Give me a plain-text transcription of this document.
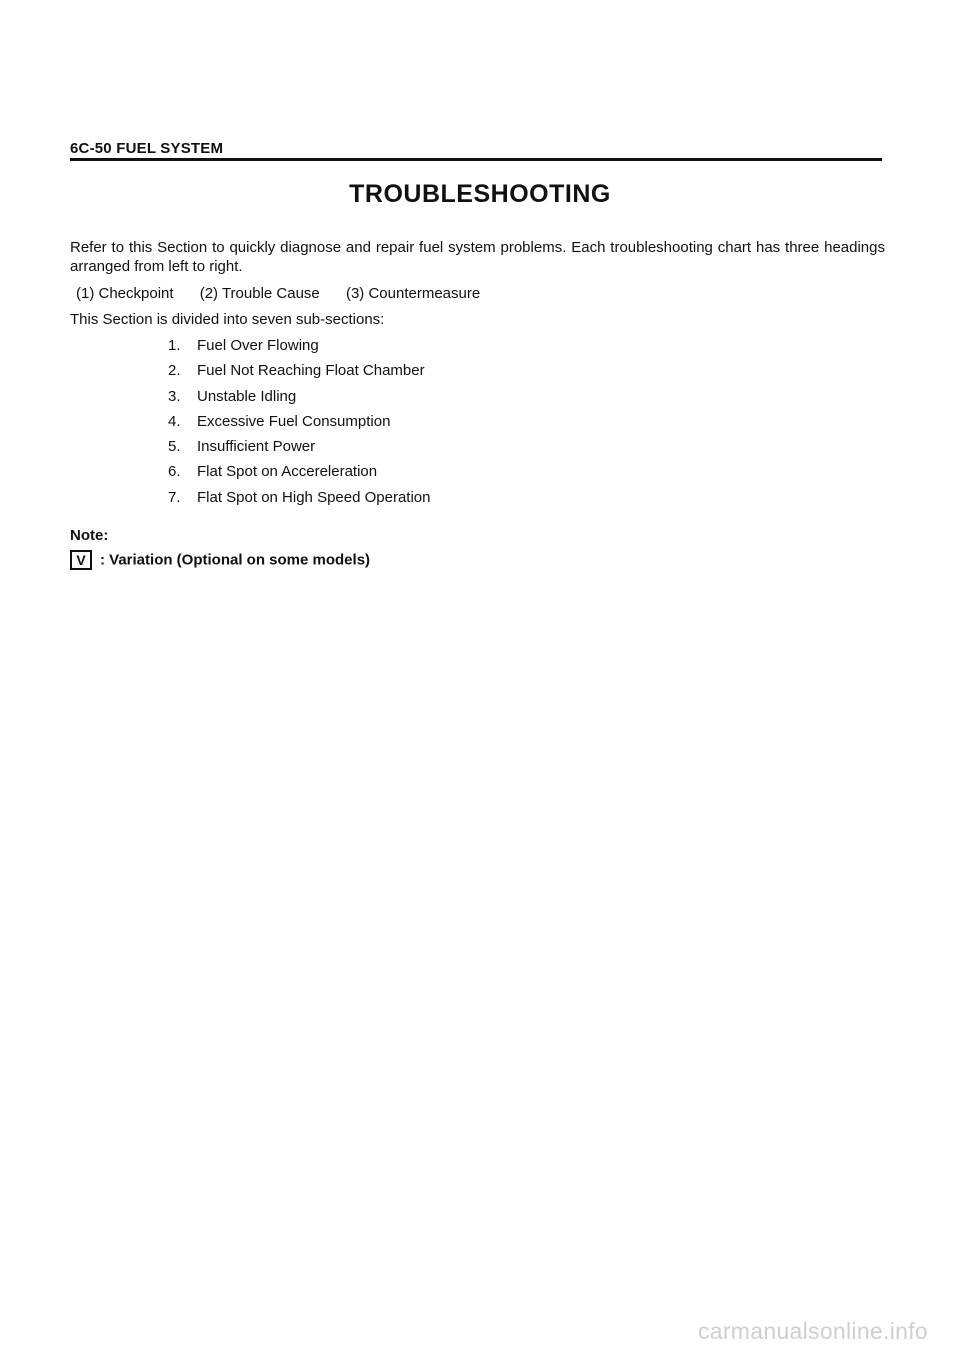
6C-50 FUEL SYSTEM
TROUBLESHOOTING

Refer to this Section to quickly diagnose and repair fuel system problems. Each troubleshooting chart has three headings arranged from left to right.

(1) Checkpoint (2) Trouble Cause (3) Countermeasure
This Section is divided into seven sub-sections:
1. Fuel Over Flowing
2. Fuel Not Reaching Float Chamber
3. Unstable Idling
4. Excessive Fuel Consumption
5. Insufficient Power
6. Flat Spot on Accereleration
7. Flat Spot on High Speed Operation
Note:
V : Variation (Optional on some models)
carmanualsonline.info
